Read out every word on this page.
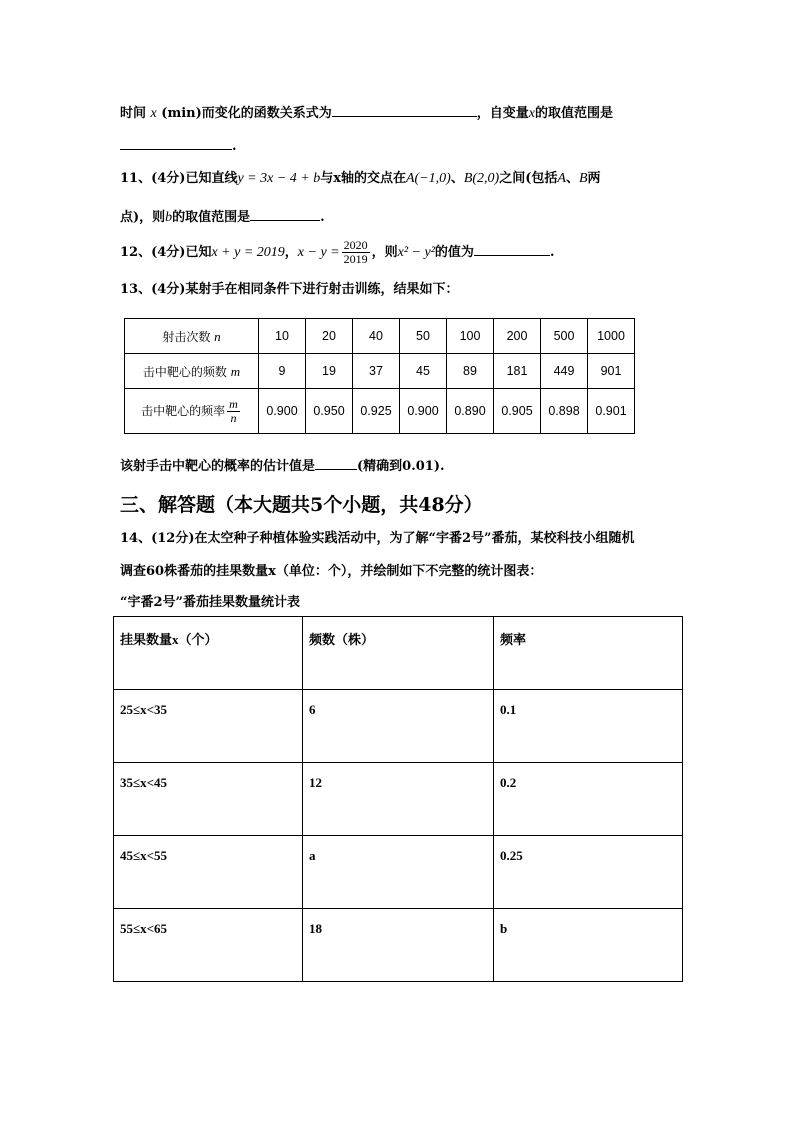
时间 x (min)而变化的函数关系式为	，自变量x的取值范围是
.
11、(4分)已知直线y = 3x − 4 + b与x轴的交点在A(−1,0)、B(2,0)之间(包括A、B两
点)，则b的取值范围是	.
12、(4分)已知x + y = 2019，$x - y = \frac{2020}{2019}$ ，则x² − y²的值为	.
13、(4分)某射手在相同条件下进行射击训练，结果如下：
射击次数 n	10	20	40	50	100	200	500	1000
击中靶心的频数 m	9	19	37	45	89	181	449	901
击中靶心的频率 $\frac{m}{n}$	0.900	0.950	0.925	0.900	0.890	0.905	0.898	0.901
该射手击中靶心的概率的估计值是	(精确到0.01).
三、解答题（本大题共5个小题，共48分）
14、(12分)在太空种子种植体验实践活动中，为了解“宇番2号”番茄，某校科技小组随机
调查60株番茄的挂果数量x（单位：个），并绘制如下不完整的统计图表：
“宇番2号”番茄挂果数量统计表
挂果数量x（个）	频数（株）	频率
25≤x<35	6	0.1
35≤x<45	12	0.2
45≤x<55	a	0.25
55≤x<65	18	b
